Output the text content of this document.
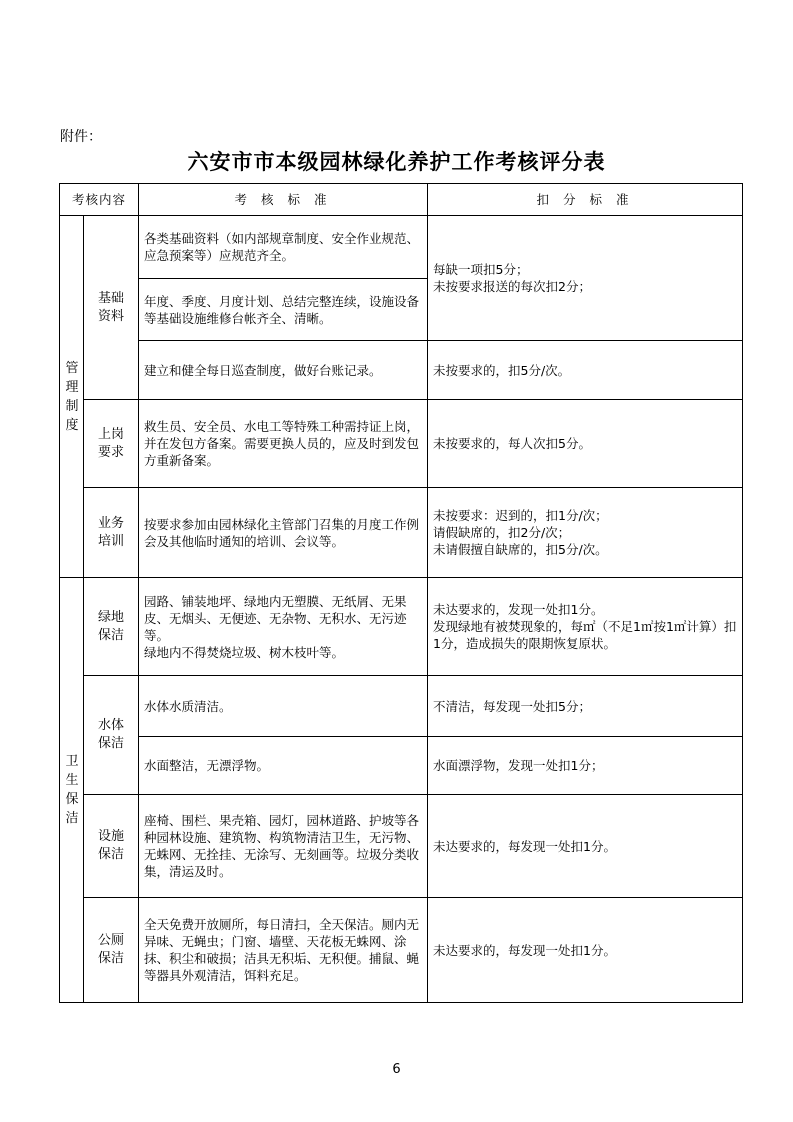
附件：
六安市市本级园林绿化养护工作考核评分表
考核内容		考 核 标 准	扣 分 标 准

管理制度	基础资料	各类基础资料（如内部规章制度、安全作业规范、应急预案等）应规范齐全。	每缺一项扣5分；
未按要求报送的每次扣2分；

		年度、季度、月度计划、总结完整连续，设施设备等基础设施维修台帐齐全、清晰。	
		建立和健全每日巡查制度，做好台账记录。	未按要求的，扣5分/次。

	上岗要求	救生员、安全员、水电工等特殊工种需持证上岗，并在发包方备案。需要更换人员的，应及时到发包方重新备案。	未按要求的，每人次扣5分。

	业务培训	按要求参加由园林绿化主管部门召集的月度工作例会及其他临时通知的培训、会议等。	未按要求：迟到的，扣1分/次；
请假缺席的，扣2分/次；
未请假擅自缺席的，扣5分/次。

卫生保洁	绿地保洁	园路、铺装地坪、绿地内无塑膜、无纸屑、无果皮、无烟头、无便迹、无杂物、无积水、无污迹等。
绿地内不得焚烧垃圾、树木枝叶等。	未达要求的，发现一处扣1分。
发现绿地有被焚现象的，每㎡（不足1㎡按1㎡计算）扣1分，造成损失的限期恢复原状。

	水体保洁	水体水质清洁。	不清洁，每发现一处扣5分；

		水面整洁，无漂浮物。	水面漂浮物，发现一处扣1分；

	设施保洁	座椅、围栏、果壳箱、园灯，园林道路、护坡等各种园林设施、建筑物、构筑物清洁卫生，无污物、无蛛网、无拴挂、无涂写、无刻画等。垃圾分类收集，清运及时。	未达要求的，每发现一处扣1分。

	公厕保洁	全天免费开放厕所，每日清扫，全天保洁。厕内无异味、无蝇虫；门窗、墙壁、天花板无蛛网、涂抹、积尘和破损；洁具无积垢、无积便。捕鼠、蝇等器具外观清洁，饵料充足。	未达要求的，每发现一处扣1分。
6
